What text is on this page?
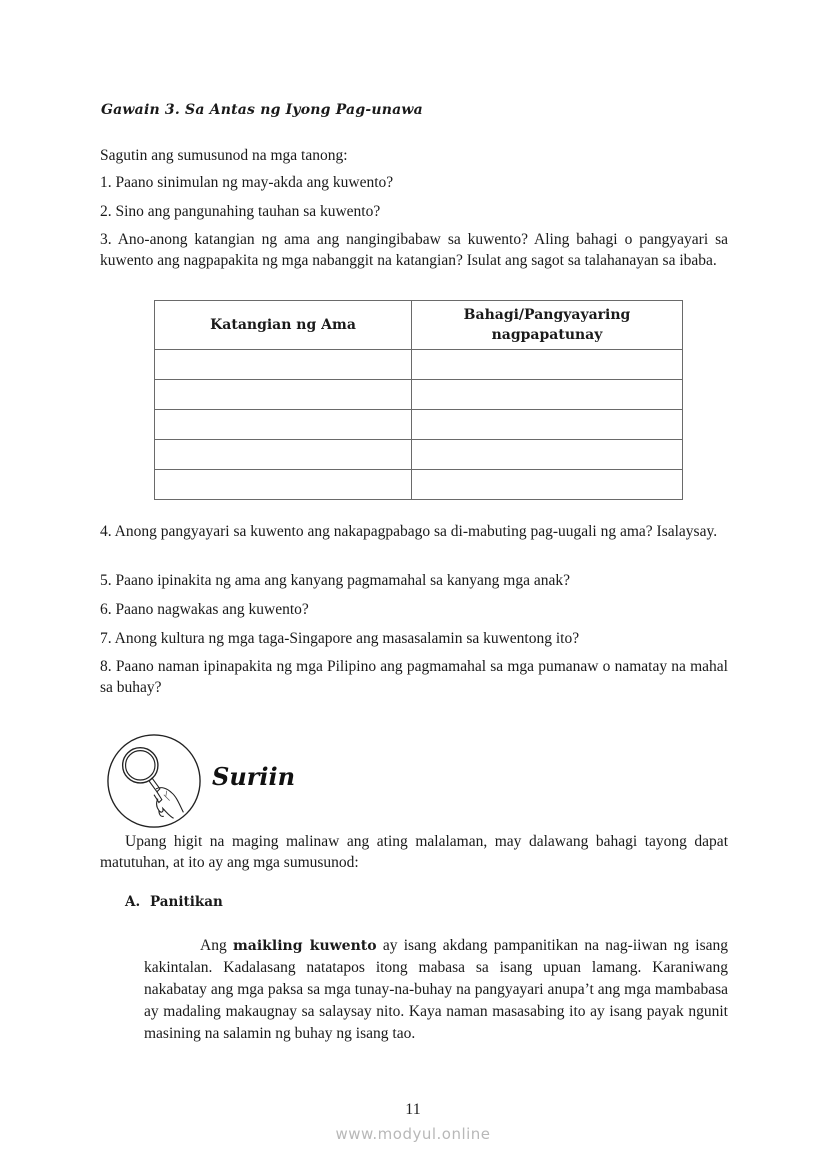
Gawain 3. Sa Antas ng Iyong Pag-unawa

Sagutin ang sumusunod na mga tanong:

1. Paano sinimulan ng may-akda ang kuwento?

2. Sino ang pangunahing tauhan sa kuwento?

3. Ano-anong katangian ng ama ang nangingibabaw sa kuwento? Aling bahagi o pangyayari sa kuwento ang nagpapakita ng mga nabanggit na katangian? Isulat ang sagot sa talahanayan sa ibaba.

Katangian ng Ama	Bahagi/Pangyayaring nagpapatunay

4. Anong pangyayari sa kuwento ang nakapagpabago sa di-mabuting pag-uugali ng ama? Isalaysay.

5. Paano ipinakita ng ama ang kanyang pagmamahal sa kanyang mga anak?

6. Paano nagwakas ang kuwento?

7. Anong kultura ng mga taga-Singapore ang masasalamin sa kuwentong ito?

8. Paano naman ipinapakita ng mga Pilipino ang pagmamahal sa mga pumanaw o namatay na mahal sa buhay?

Suriin

Upang higit na maging malinaw ang ating malalaman, may dalawang bahagi tayong dapat matutuhan, at ito ay ang mga sumusunod:

A. Panitikan
Ang maikling kuwento ay isang akdang pampanitikan na nag-iiwan ng isang kakintalan. Kadalasang natatapos itong mabasa sa isang upuan lamang. Karaniwang nakabatay ang mga paksa sa mga tunay-na-buhay na pangyayari anupa’t ang mga mambabasa ay madaling makaugnay sa salaysay nito. Kaya naman masasabing ito ay isang payak ngunit masining na salamin ng buhay ng isang tao.
11
www.modyul.online
